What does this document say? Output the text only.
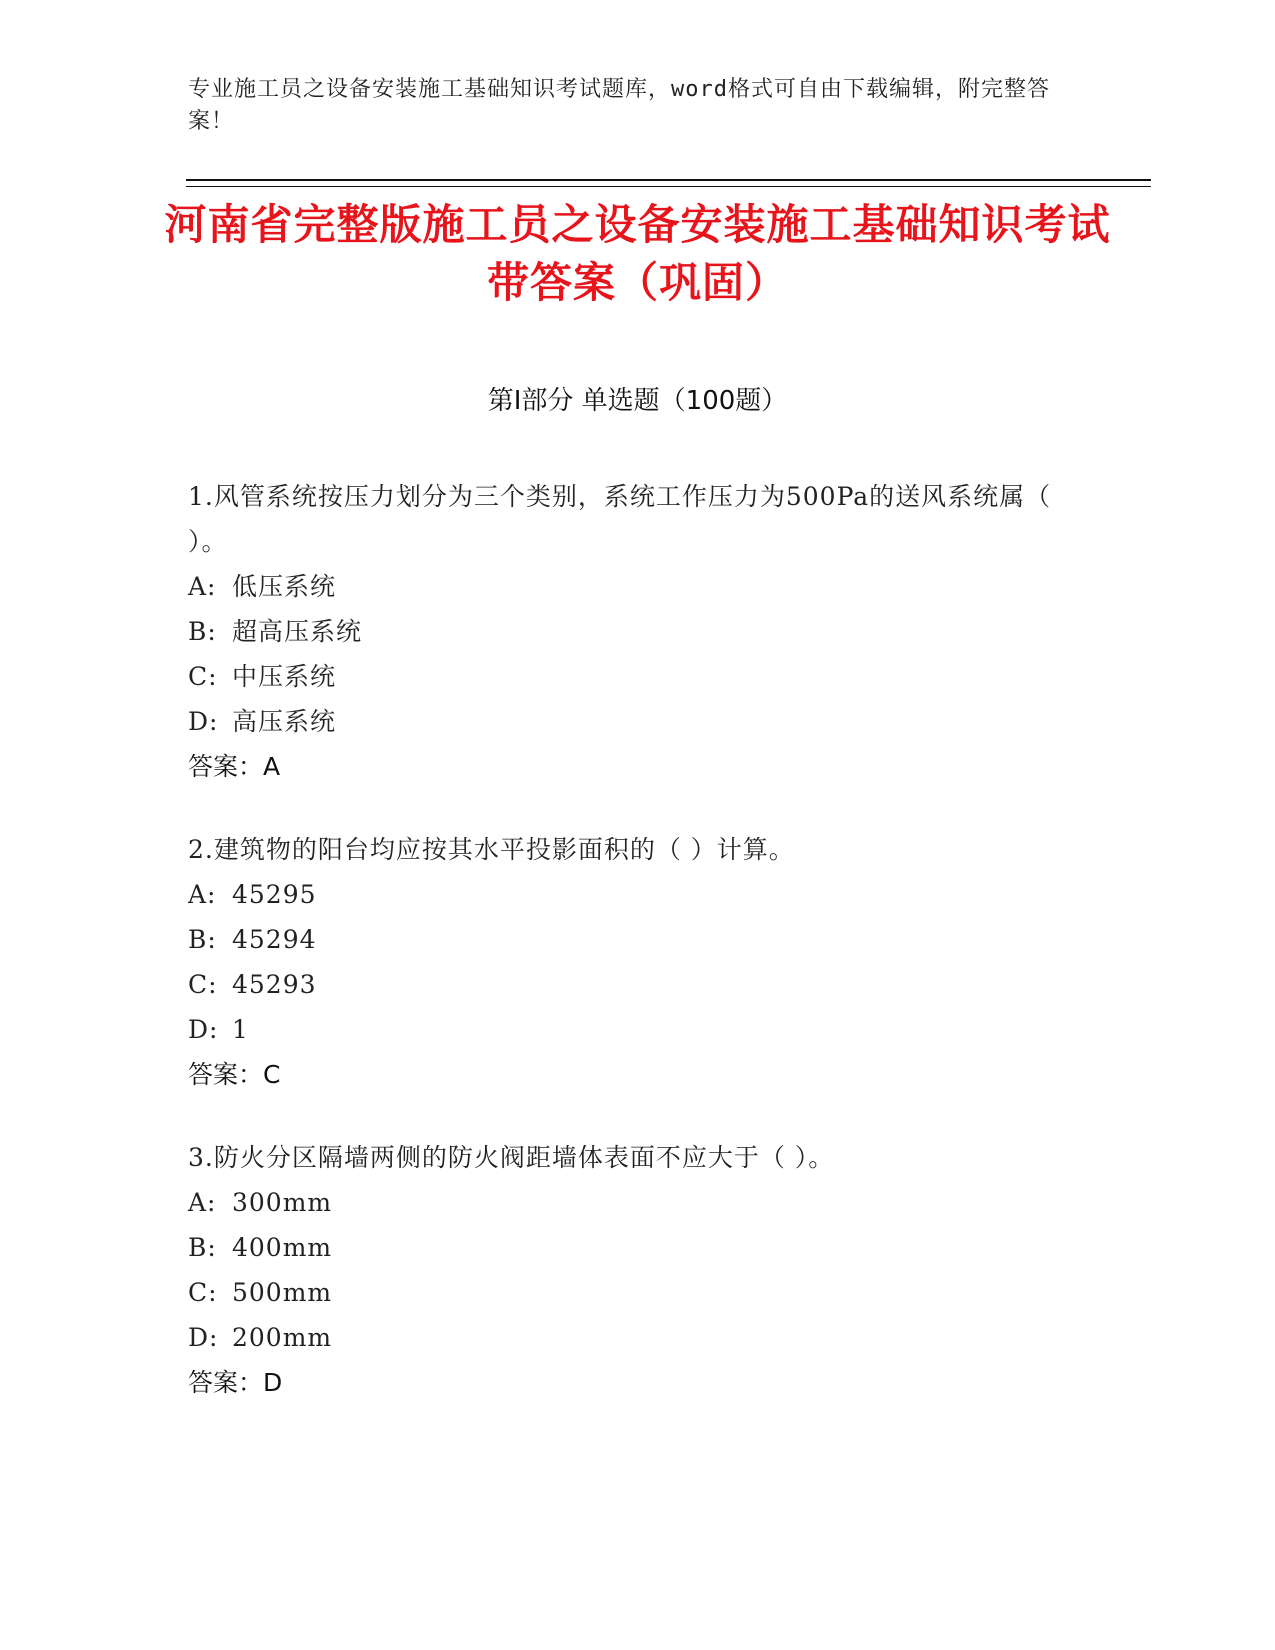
专业施工员之设备安装施工基础知识考试题库，word格式可自由下载编辑，附完整答案！
河南省完整版施工员之设备安装施工基础知识考试带答案（巩固）
第Ⅰ部分 单选题（100题）

1.风管系统按压力划分为三个类别，系统工作压力为500Pa的送风系统属（ ）。

A: 低压系统

B: 超高压系统

C: 中压系统

D: 高压系统

答案：A

2.建筑物的阳台均应按其水平投影面积的（ ）计算。

A: 45295

B: 45294

C: 45293

D: 1

答案：C

3.防火分区隔墙两侧的防火阀距墙体表面不应大于（ ）。

A: 300mm

B: 400mm

C: 500mm

D: 200mm

答案：D
